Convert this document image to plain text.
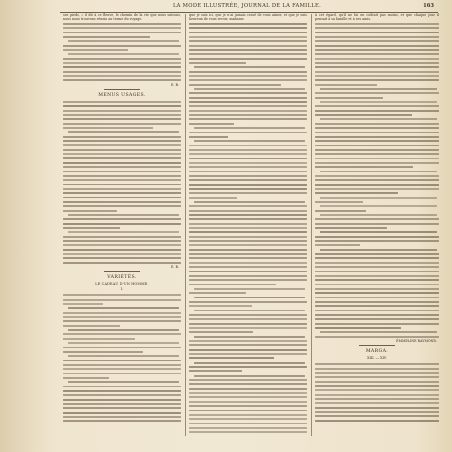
LA MODE ILLUSTRÉE, JOURNAL DE LA FAMILLE.	163

ses pieds, » il dit à ce fleuve, le chemin de la vie que nous suivons, nous nous trouvons réunis au terme du voyage.

E. B.
MENUS USAGES.
E. B.
VARIÉTÉS.
LE CADEAU D'UN HOMME.
I.

que je suis ici, que je n'ai jamais cessé de vous aimer, et que je suis heureux de vous revoir, madame.

à cet égard, qu'il ne lui en coûtait pas moins, et que chaque jour il pensait à sa famille et à ses amis.

ÉMMELINE RAYMOND.
MARGA.
XIII. — XIV.
